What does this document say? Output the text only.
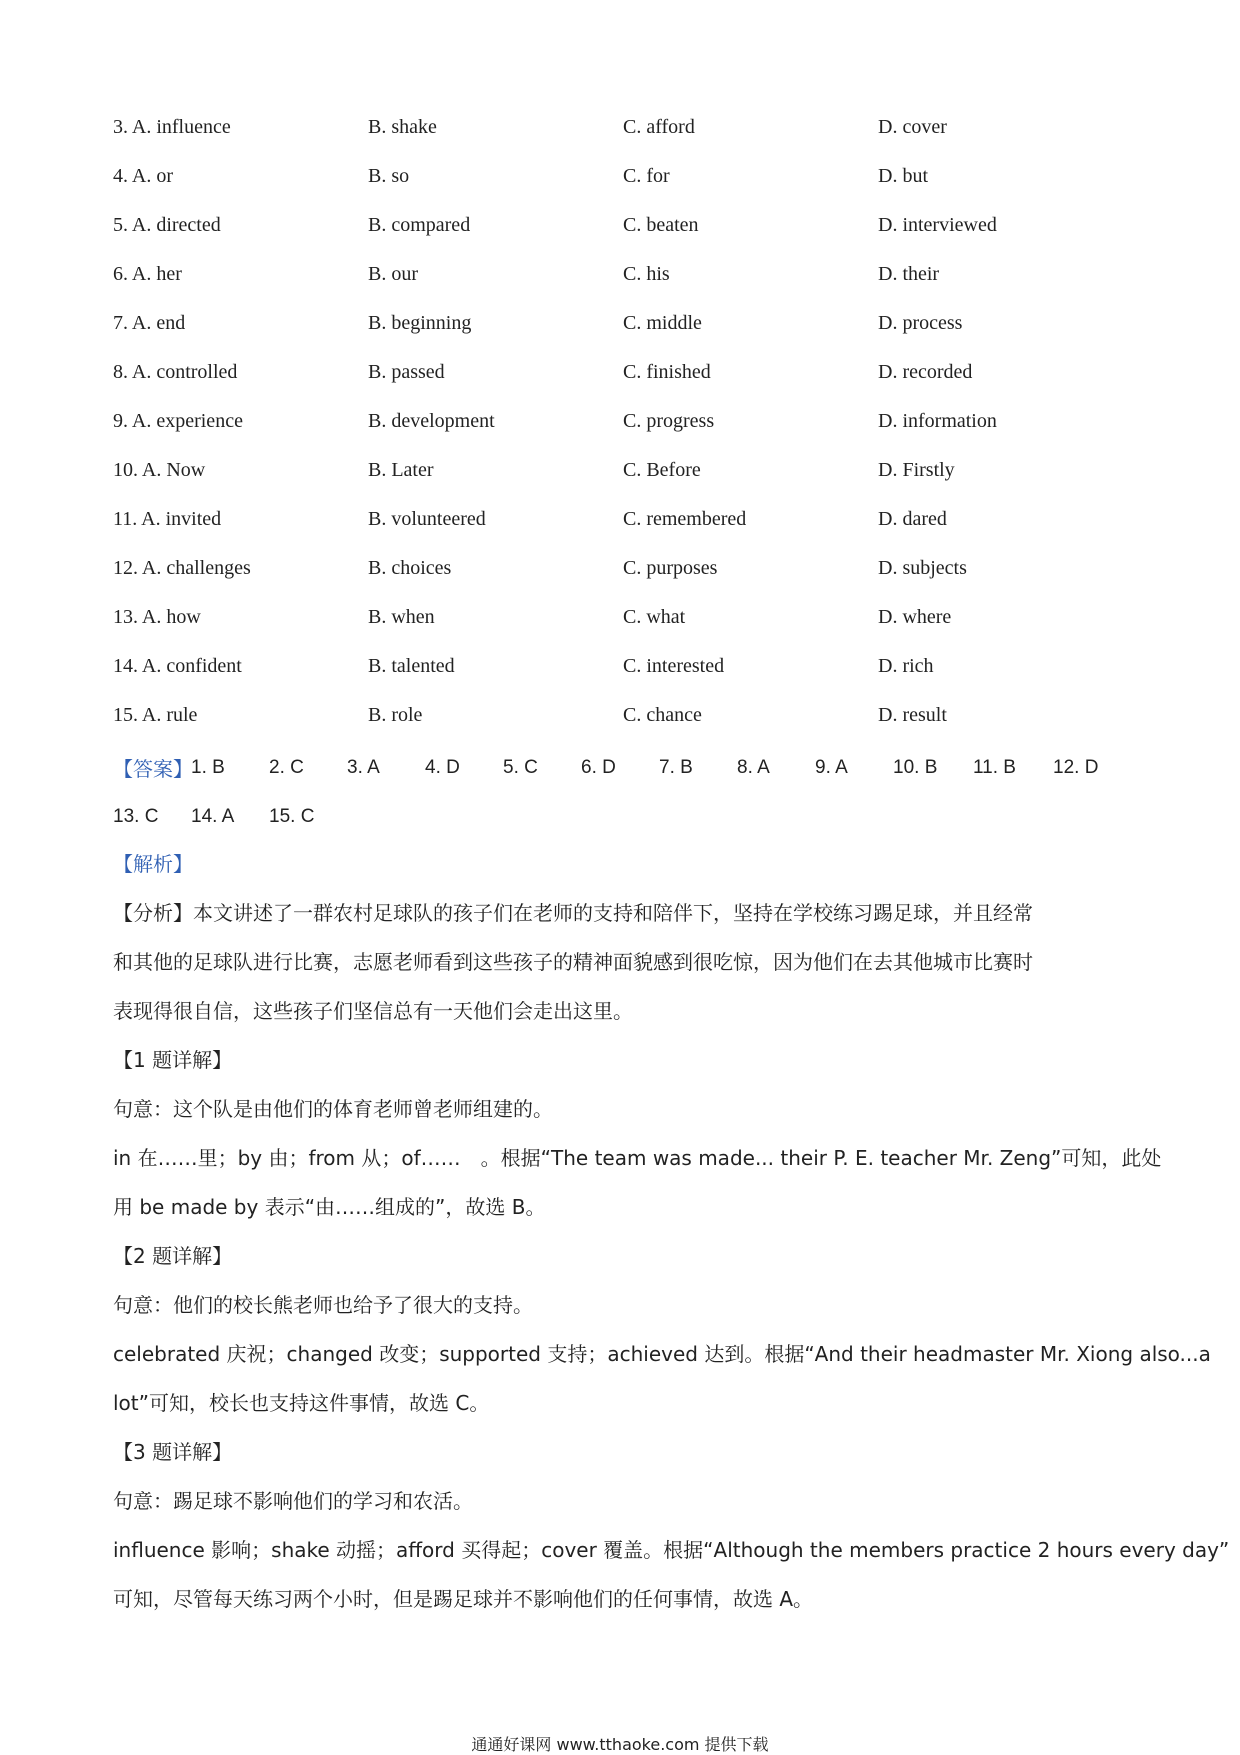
3. A. influence	B. shake	C. afford	D. cover
4. A. or	B. so	C. for	D. but
5. A. directed	B. compared	C. beaten	D. interviewed
6. A. her	B. our	C. his	D. their
7. A. end	B. beginning	C. middle	D. process
8. A. controlled	B. passed	C. finished	D. recorded
9. A. experience	B. development	C. progress	D. information
10. A. Now	B. Later	C. Before	D. Firstly
11. A. invited	B. volunteered	C. remembered	D. dared
12. A. challenges	B. choices	C. purposes	D. subjects
13. A. how	B. when	C. what	D. where
14. A. confident	B. talented	C. interested	D. rich
15. A. rule	B. role	C. chance	D. result
【答案】
1. B	2. C	3. A	4. D	5. C	6. D	7. B	8. A	9. A	10. B	11. B	12. D
13. C	14. A	15. C
【解析】
【分析】本文讲述了一群农村足球队的孩子们在老师的支持和陪伴下，坚持在学校练习踢足球，并且经常
和其他的足球队进行比赛，志愿老师看到这些孩子的精神面貌感到很吃惊，因为他们在去其他城市比赛时
表现得很自信，这些孩子们坚信总有一天他们会走出这里。
【1 题详解】
句意：这个队是由他们的体育老师曾老师组建的。
in 在……里；by 由；from 从；of……　。根据“The team was made... their P. E. teacher Mr. Zeng”可知，此处
用 be made by 表示“由……组成的”，故选 B。
【2 题详解】
句意：他们的校长熊老师也给予了很大的支持。
celebrated 庆祝；changed 改变；supported 支持；achieved 达到。根据“And their headmaster Mr. Xiong also...a
lot”可知，校长也支持这件事情，故选 C。
【3 题详解】
句意：踢足球不影响他们的学习和农活。
influence 影响；shake 动摇；afford 买得起；cover 覆盖。根据“Although the members practice 2 hours every day”
可知，尽管每天练习两个小时，但是踢足球并不影响他们的任何事情，故选 A。
通通好课网 www.tthaoke.com 提供下载
